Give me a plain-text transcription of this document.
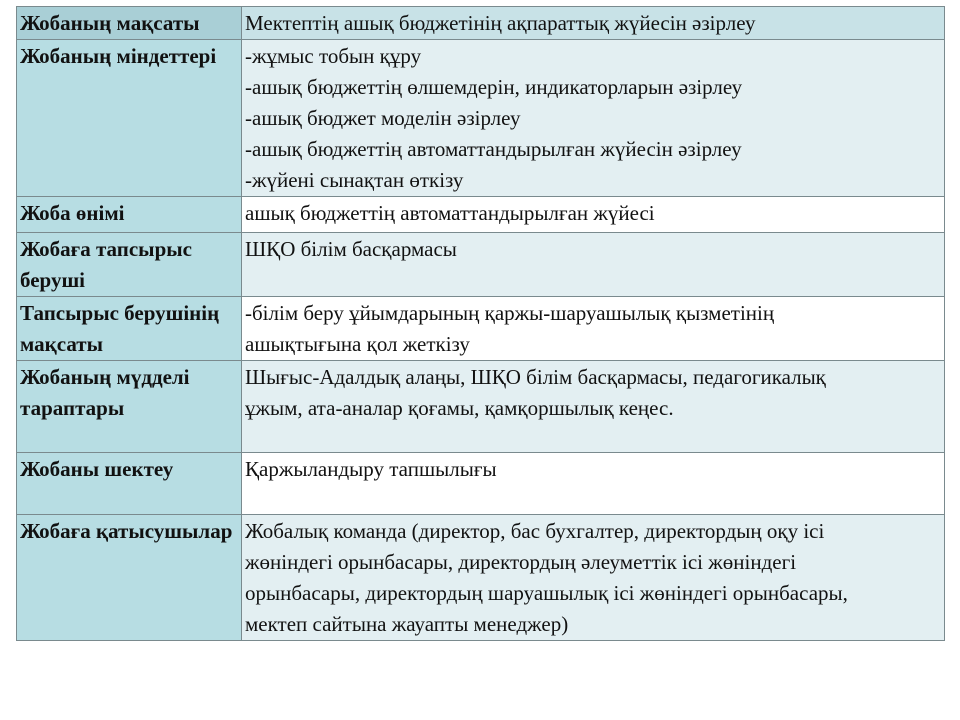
Жобаның мақсаты	Мектептің ашық бюджетінің ақпараттық жүйесін әзірлеу

Жобаның міндеттері	-жұмыс тобын құру
-ашық бюджеттің өлшемдерін, индикаторларын әзірлеу
-ашық бюджет моделін әзірлеу
-ашық бюджеттің автоматтандырылған жүйесін әзірлеу
-жүйені сынақтан өткізу

Жоба өнімі	ашық бюджеттің автоматтандырылған жүйесі

Жобаға тапсырыс беруші	ШҚО білім басқармасы

Тапсырыс берушінің мақсаты	-білім беру ұйымдарының қаржы-шаруашылық қызметінің
ашықтығына қол жеткізу

Жобаның мүдделі тараптары	Шығыс-Адалдық алаңы, ШҚО білім басқармасы, педагогикалық
ұжым, ата-аналар қоғамы, қамқоршылық кеңес.

Жобаны шектеу	Қаржыландыру тапшылығы

Жобаға қатысушылар	Жобалық команда (директор, бас бухгалтер, директордың оқу ісі
жөніндегі орынбасары, директордың әлеуметтік ісі жөніндегі
орынбасары, директордың шаруашылық ісі жөніндегі орынбасары,
мектеп сайтына жауапты менеджер)
